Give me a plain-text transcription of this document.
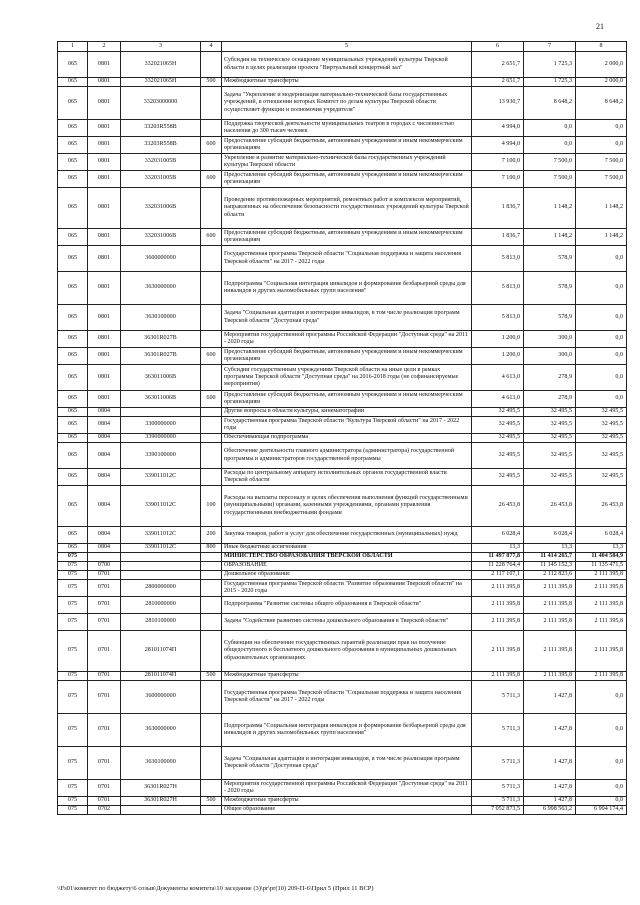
21
1	2	3	4	5	6	7	8
065	0801	332021065Н		Субсидия на техническое оснащение муниципальных учреждений культуры Тверской области в целях реализации проекта "Виртуальный концертный зал"	2 651,7	1 725,3	2 000,0
065	0801	332021065Н	500	Межбюджетные трансферты	2 651,7	1 725,3	2 000,0
065	0801	33203000000		Задача "Укрепление и модернизация материально-технической базы государственных учреждений, в отношении которых Комитет по делам культуры Тверской области осуществляет функции и полномочия учредителя"	13 930,7	8 648,2	8 648,2
065	0801	33203R558B		Поддержка творческой деятельности муниципальных театров в городах с численностью населения до 300 тысяч человек	4 994,0	0,0	0,0
065	0801	33203R558B	600	Предоставление субсидий бюджетным, автономным учреждениям и иным некоммерческим организациям	4 994,0	0,0	0,0
065	0801	332031005B		Укрепление и развитие материально-технической базы государственных учреждений культуры Тверской области	7 100,0	7 500,0	7 500,0
065	0801	332031005B	600	Предоставление субсидий бюджетным, автономным учреждениям и иным некоммерческим организациям	7 100,0	7 500,0	7 500,0
065	0801	332031006B		Проведение противопожарных мероприятий, ремонтных работ и комплексов мероприятий, направленных на обеспечение безопасности государственных учреждений культуры Тверской области	1 836,7	1 148,2	1 148,2
065	0801	332031006B	600	Предоставление субсидий бюджетным, автономным учреждениям и иным некоммерческим организациям	1 836,7	1 148,2	1 148,2
065	0801	3600000000		Государственная программа Тверской области "Социальная поддержка и защита населения Тверской области" на 2017 - 2022 годы	5 813,0	578,9	0,0
065	0801	3630000000		Подпрограмма "Социальная интеграция инвалидов и формирование безбарьерной среды для инвалидов и других маломобильных групп населения"	5 813,0	578,9	0,0
065	0801	3630100000		Задача "Социальная адаптация и интеграция инвалидов, в том числе реализация программ Тверской области "Доступная среда"	5 813,0	578,9	0,0
065	0801	36301R027B		Мероприятия государственной программы Российской Федерации "Доступная среда" на 2011 - 2020 годы	1 200,0	300,0	0,0
065	0801	36301R027B	600	Предоставление субсидий бюджетным, автономным учреждениям и иным некоммерческим организациям	1 200,0	300,0	0,0
065	0801	363011006B		Субсидии государственным учреждениям Тверской области на иные цели в рамках программы Тверской области "Доступная среда" на 2016-2018 годы (не софинансируемые мероприятия)	4 613,0	278,9	0,0
065	0801	363011006B	600	Предоставление субсидий бюджетным, автономным учреждениям и иным некоммерческим организациям	4 613,0	278,9	0,0
065	0804			Другие вопросы в области культуры, кинематографии	32 495,5	32 495,5	32 495,5
065	0804	3300000000		Государственная программа Тверской области "Культура Тверской области" на 2017 - 2022 годы	32 495,5	32 495,5	32 495,5
065	0804	3390000000		Обеспечивающая подпрограмма	32 495,5	32 495,5	32 495,5
065	0804	3390100000		Обеспечение деятельности главного администратора (администратора) государственной программы и администраторов государственной программы	32 495,5	32 495,5	32 495,5
065	0804	339011012C		Расходы по центральному аппарату исполнительных органов государственной власти Тверской области	32 495,5	32 495,5	32 495,5
065	0804	339011012C	100	Расходы на выплаты персоналу в целях обеспечения выполнения функций государственными (муниципальными) органами, казенными учреждениями, органами управления государственными внебюджетными фондами	26 453,8	26 453,8	26 453,8
065	0804	339011012C	200	Закупка товаров, работ и услуг для обеспечения государственных (муниципальных) нужд	6 028,4	6 028,4	6 028,4
065	0804	339011012C	800	Иные бюджетные ассигнования	13,3	13,3	13,3
075				МИНИСТЕРСТВО ОБРАЗОВАНИЯ ТВЕРСКОЙ ОБЛАСТИ	11 497 877,8	11 414 265,7	11 404 584,9
075	0700			ОБРАЗОВАНИЕ	11 228 764,4	11 145 152,3	11 135 471,5
075	0701			Дошкольное образование	2 117 107,1	2 112 823,6	2 111 395,8
075	0701	2800000000		Государственная программа Тверской области "Развитие образования Тверской области" на 2015 - 2020 годы	2 111 395,8	2 111 395,8	2 111 395,8
075	0701	2810000000		Подпрограмма "Развитие системы общего образования в Тверской области"	2 111 395,8	2 111 395,8	2 111 395,8
075	0701	2810100000		Задача "Содействие развитию системы дошкольного образования в Тверской области"	2 111 395,8	2 111 395,8	2 111 395,8
075	0701	281011074П		Субвенции на обеспечение государственных гарантий реализации прав на получение общедоступного и бесплатного дошкольного образования в муниципальных дошкольных образовательных организациях	2 111 395,8	2 111 395,8	2 111 395,8
075	0701	281011074П	500	Межбюджетные трансферты	2 111 395,8	2 111 395,8	2 111 395,8
075	0701	3600000000		Государственная программа Тверской области "Социальная поддержка и защита населения Тверской области" на 2017 - 2022 годы	5 711,3	1 427,8	0,0
075	0701	3630000000		Подпрограмма "Социальная интеграция инвалидов и формирование безбарьерной среды для инвалидов и других маломобильных групп населения"	5 711,3	1 427,8	0,0
075	0701	3630100000		Задача "Социальная адаптация и интеграция инвалидов, в том числе реализация программ Тверской области "Доступная среда"	5 711,3	1 427,8	0,0
075	0701	36301R027Н		Мероприятия государственной программы Российской Федерации "Доступная среда" на 2011 - 2020 годы	5 711,3	1 427,8	0,0
075	0701	36301R027Н	500	Межбюджетные трансферты	5 711,3	1 427,8	0,0
075	0702			Общее образование	7 052 873,5	6 998 563,2	6 994 174,4
\\Fs01\комитет по бюджету\6 созыв\Документы комитета\10 заседание (3)\pr\pr(10) 209-П-6\Прил 5 (Прил 11 ВСР)
